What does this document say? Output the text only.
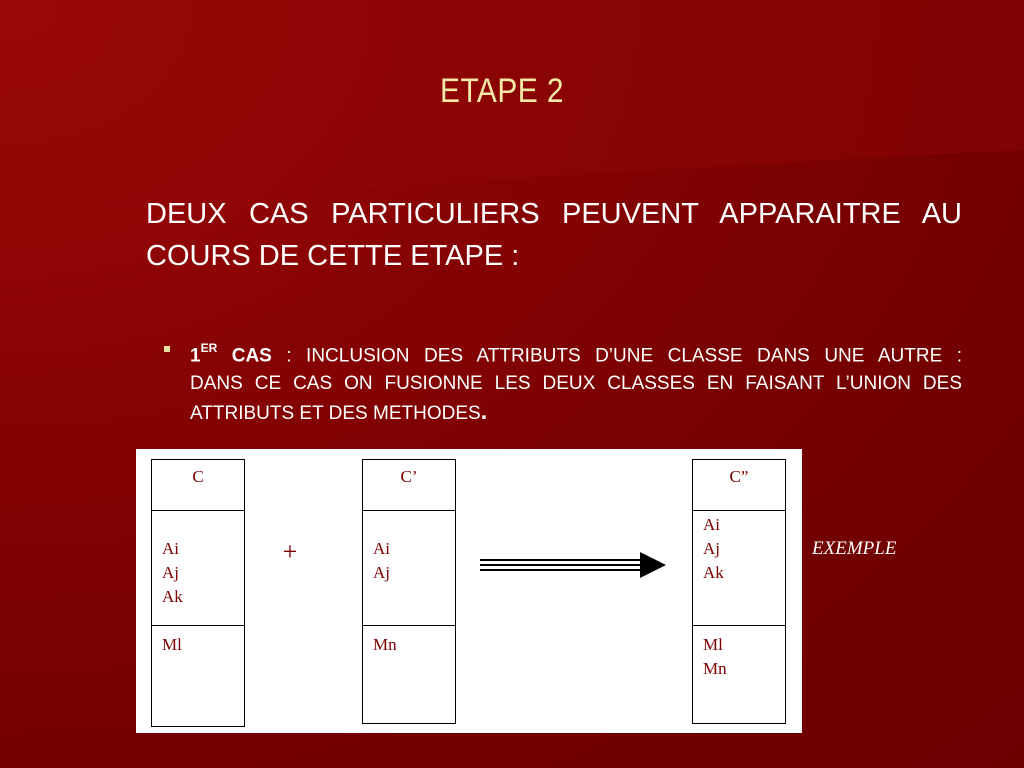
ETAPE 2
DEUX CAS PARTICULIERS PEUVENT APPARAITRE AU
COURS DE CETTE ETAPE :
1ER CAS : INCLUSION DES ATTRIBUTS D’UNE CLASSE DANS UNE AUTRE :
DANS CE CAS ON FUSIONNE LES DEUX CLASSES EN FAISANT L’UNION DES
ATTRIBUTS ET DES METHODES.
C
Ai
Aj
Ak
Ml
+
C’
Ai
Aj
Mn
C”
Ai
Aj
Ak
Ml
Mn
EXEMPLE
